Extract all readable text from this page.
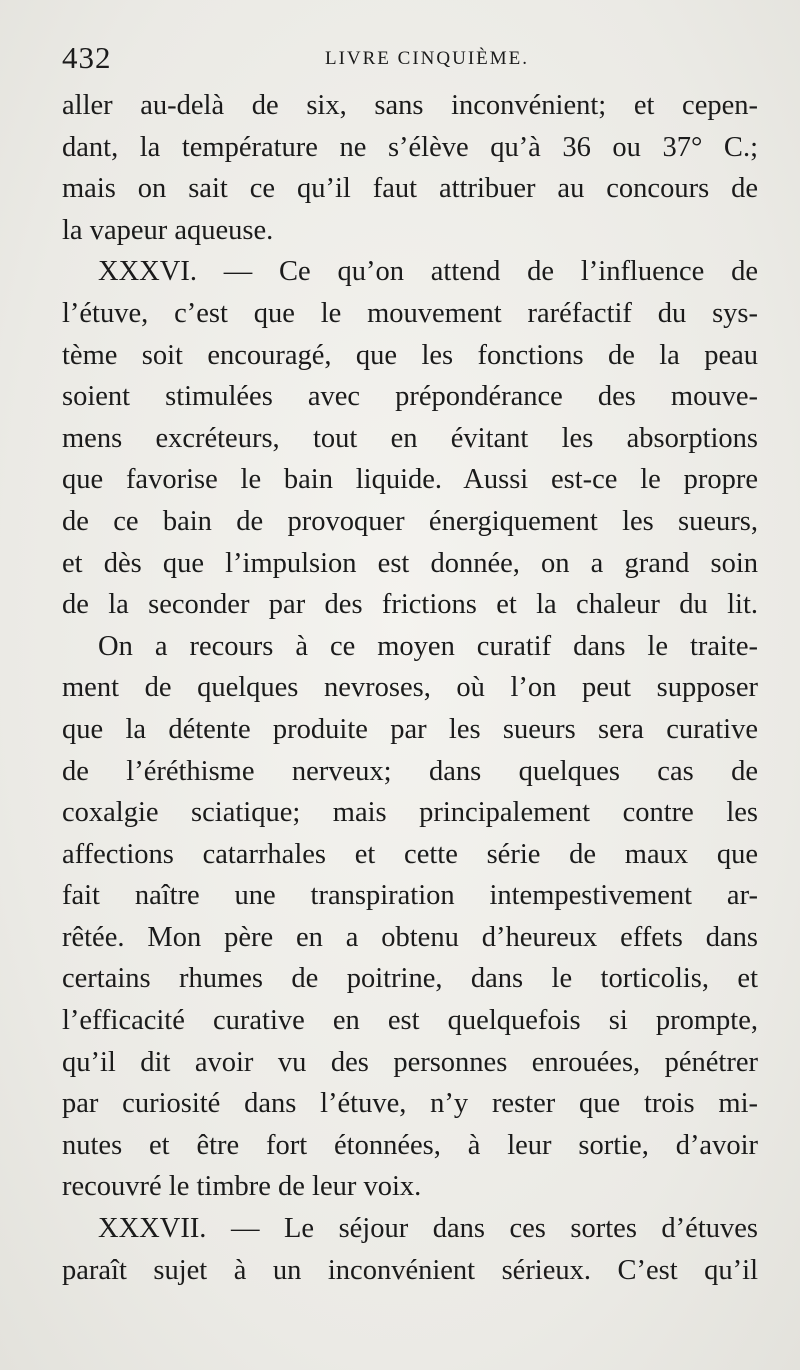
432	LIVRE CINQUIÈME.
aller au-delà de six, sans inconvénient; et cepen-
dant, la température ne s’élève qu’à 36 ou 37° C.;
mais on sait ce qu’il faut attribuer au concours de
la vapeur aqueuse.
XXXVI. — Ce qu’on attend de l’influence de
l’étuve, c’est que le mouvement raréfactif du sys-
tème soit encouragé, que les fonctions de la peau
soient stimulées avec prépondérance des mouve-
mens excréteurs, tout en évitant les absorptions
que favorise le bain liquide. Aussi est-ce le propre
de ce bain de provoquer énergiquement les sueurs,
et dès que l’impulsion est donnée, on a grand soin
de la seconder par des frictions et la chaleur du lit.
On a recours à ce moyen curatif dans le traite-
ment de quelques nevroses, où l’on peut supposer
que la détente produite par les sueurs sera curative
de l’éréthisme nerveux; dans quelques cas de
coxalgie sciatique; mais principalement contre les
affections catarrhales et cette série de maux que
fait naître une transpiration intempestivement ar-
rêtée. Mon père en a obtenu d’heureux effets dans
certains rhumes de poitrine, dans le torticolis, et
l’efficacité curative en est quelquefois si prompte,
qu’il dit avoir vu des personnes enrouées, pénétrer
par curiosité dans l’étuve, n’y rester que trois mi-
nutes et être fort étonnées, à leur sortie, d’avoir
recouvré le timbre de leur voix.
XXXVII. — Le séjour dans ces sortes d’étuves
paraît sujet à un inconvénient sérieux. C’est qu’il
